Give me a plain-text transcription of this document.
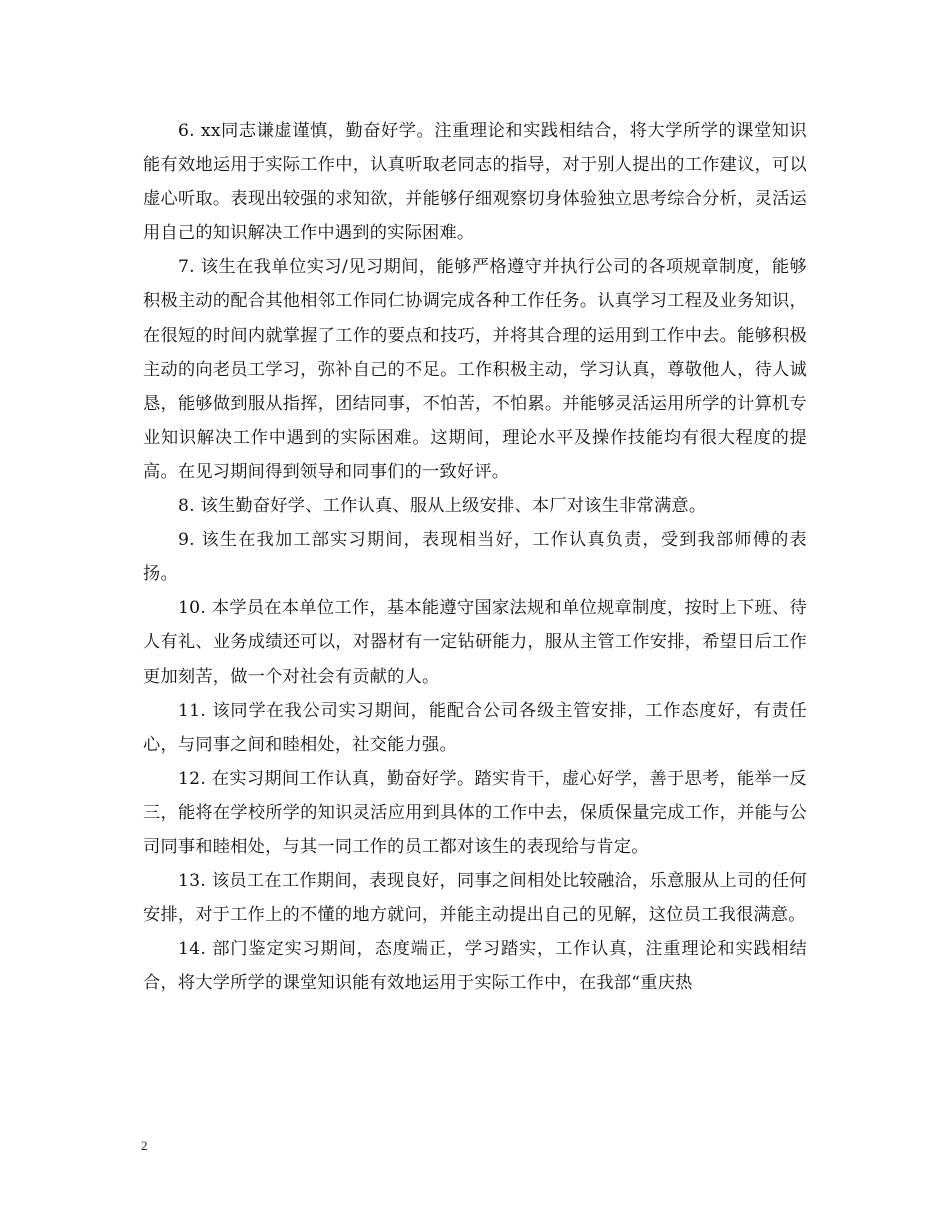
6. xx同志谦虚谨慎，勤奋好学。注重理论和实践相结合，将大学所学的课堂知识能有效地运用于实际工作中，认真听取老同志的指导，对于别人提出的工作建议，可以虚心听取。表现出较强的求知欲，并能够仔细观察切身体验独立思考综合分析，灵活运用自己的知识解决工作中遇到的实际困难。

7. 该生在我单位实习/见习期间，能够严格遵守并执行公司的各项规章制度，能够积极主动的配合其他相邻工作同仁协调完成各种工作任务。认真学习工程及业务知识，在很短的时间内就掌握了工作的要点和技巧，并将其合理的运用到工作中去。能够积极主动的向老员工学习，弥补自己的不足。工作积极主动，学习认真，尊敬他人，待人诚恳，能够做到服从指挥，团结同事，不怕苦，不怕累。并能够灵活运用所学的计算机专业知识解决工作中遇到的实际困难。这期间，理论水平及操作技能均有很大程度的提高。在见习期间得到领导和同事们的一致好评。

8. 该生勤奋好学、工作认真、服从上级安排、本厂对该生非常满意。

9. 该生在我加工部实习期间，表现相当好，工作认真负责，受到我部师傅的表扬。

10. 本学员在本单位工作，基本能遵守国家法规和单位规章制度，按时上下班、待人有礼、业务成绩还可以，对器材有一定钻研能力，服从主管工作安排，希望日后工作更加刻苦，做一个对社会有贡献的人。

11. 该同学在我公司实习期间，能配合公司各级主管安排，工作态度好，有责任心，与同事之间和睦相处，社交能力强。

12. 在实习期间工作认真，勤奋好学。踏实肯干，虚心好学，善于思考，能举一反三，能将在学校所学的知识灵活应用到具体的工作中去，保质保量完成工作，并能与公司同事和睦相处，与其一同工作的员工都对该生的表现给与肯定。

13. 该员工在工作期间，表现良好，同事之间相处比较融洽，乐意服从上司的任何安排，对于工作上的不懂的地方就问，并能主动提出自己的见解，这位员工我很满意。

14. 部门鉴定实习期间，态度端正，学习踏实，工作认真，注重理论和实践相结合，将大学所学的课堂知识能有效地运用于实际工作中，在我部“重庆热

2
